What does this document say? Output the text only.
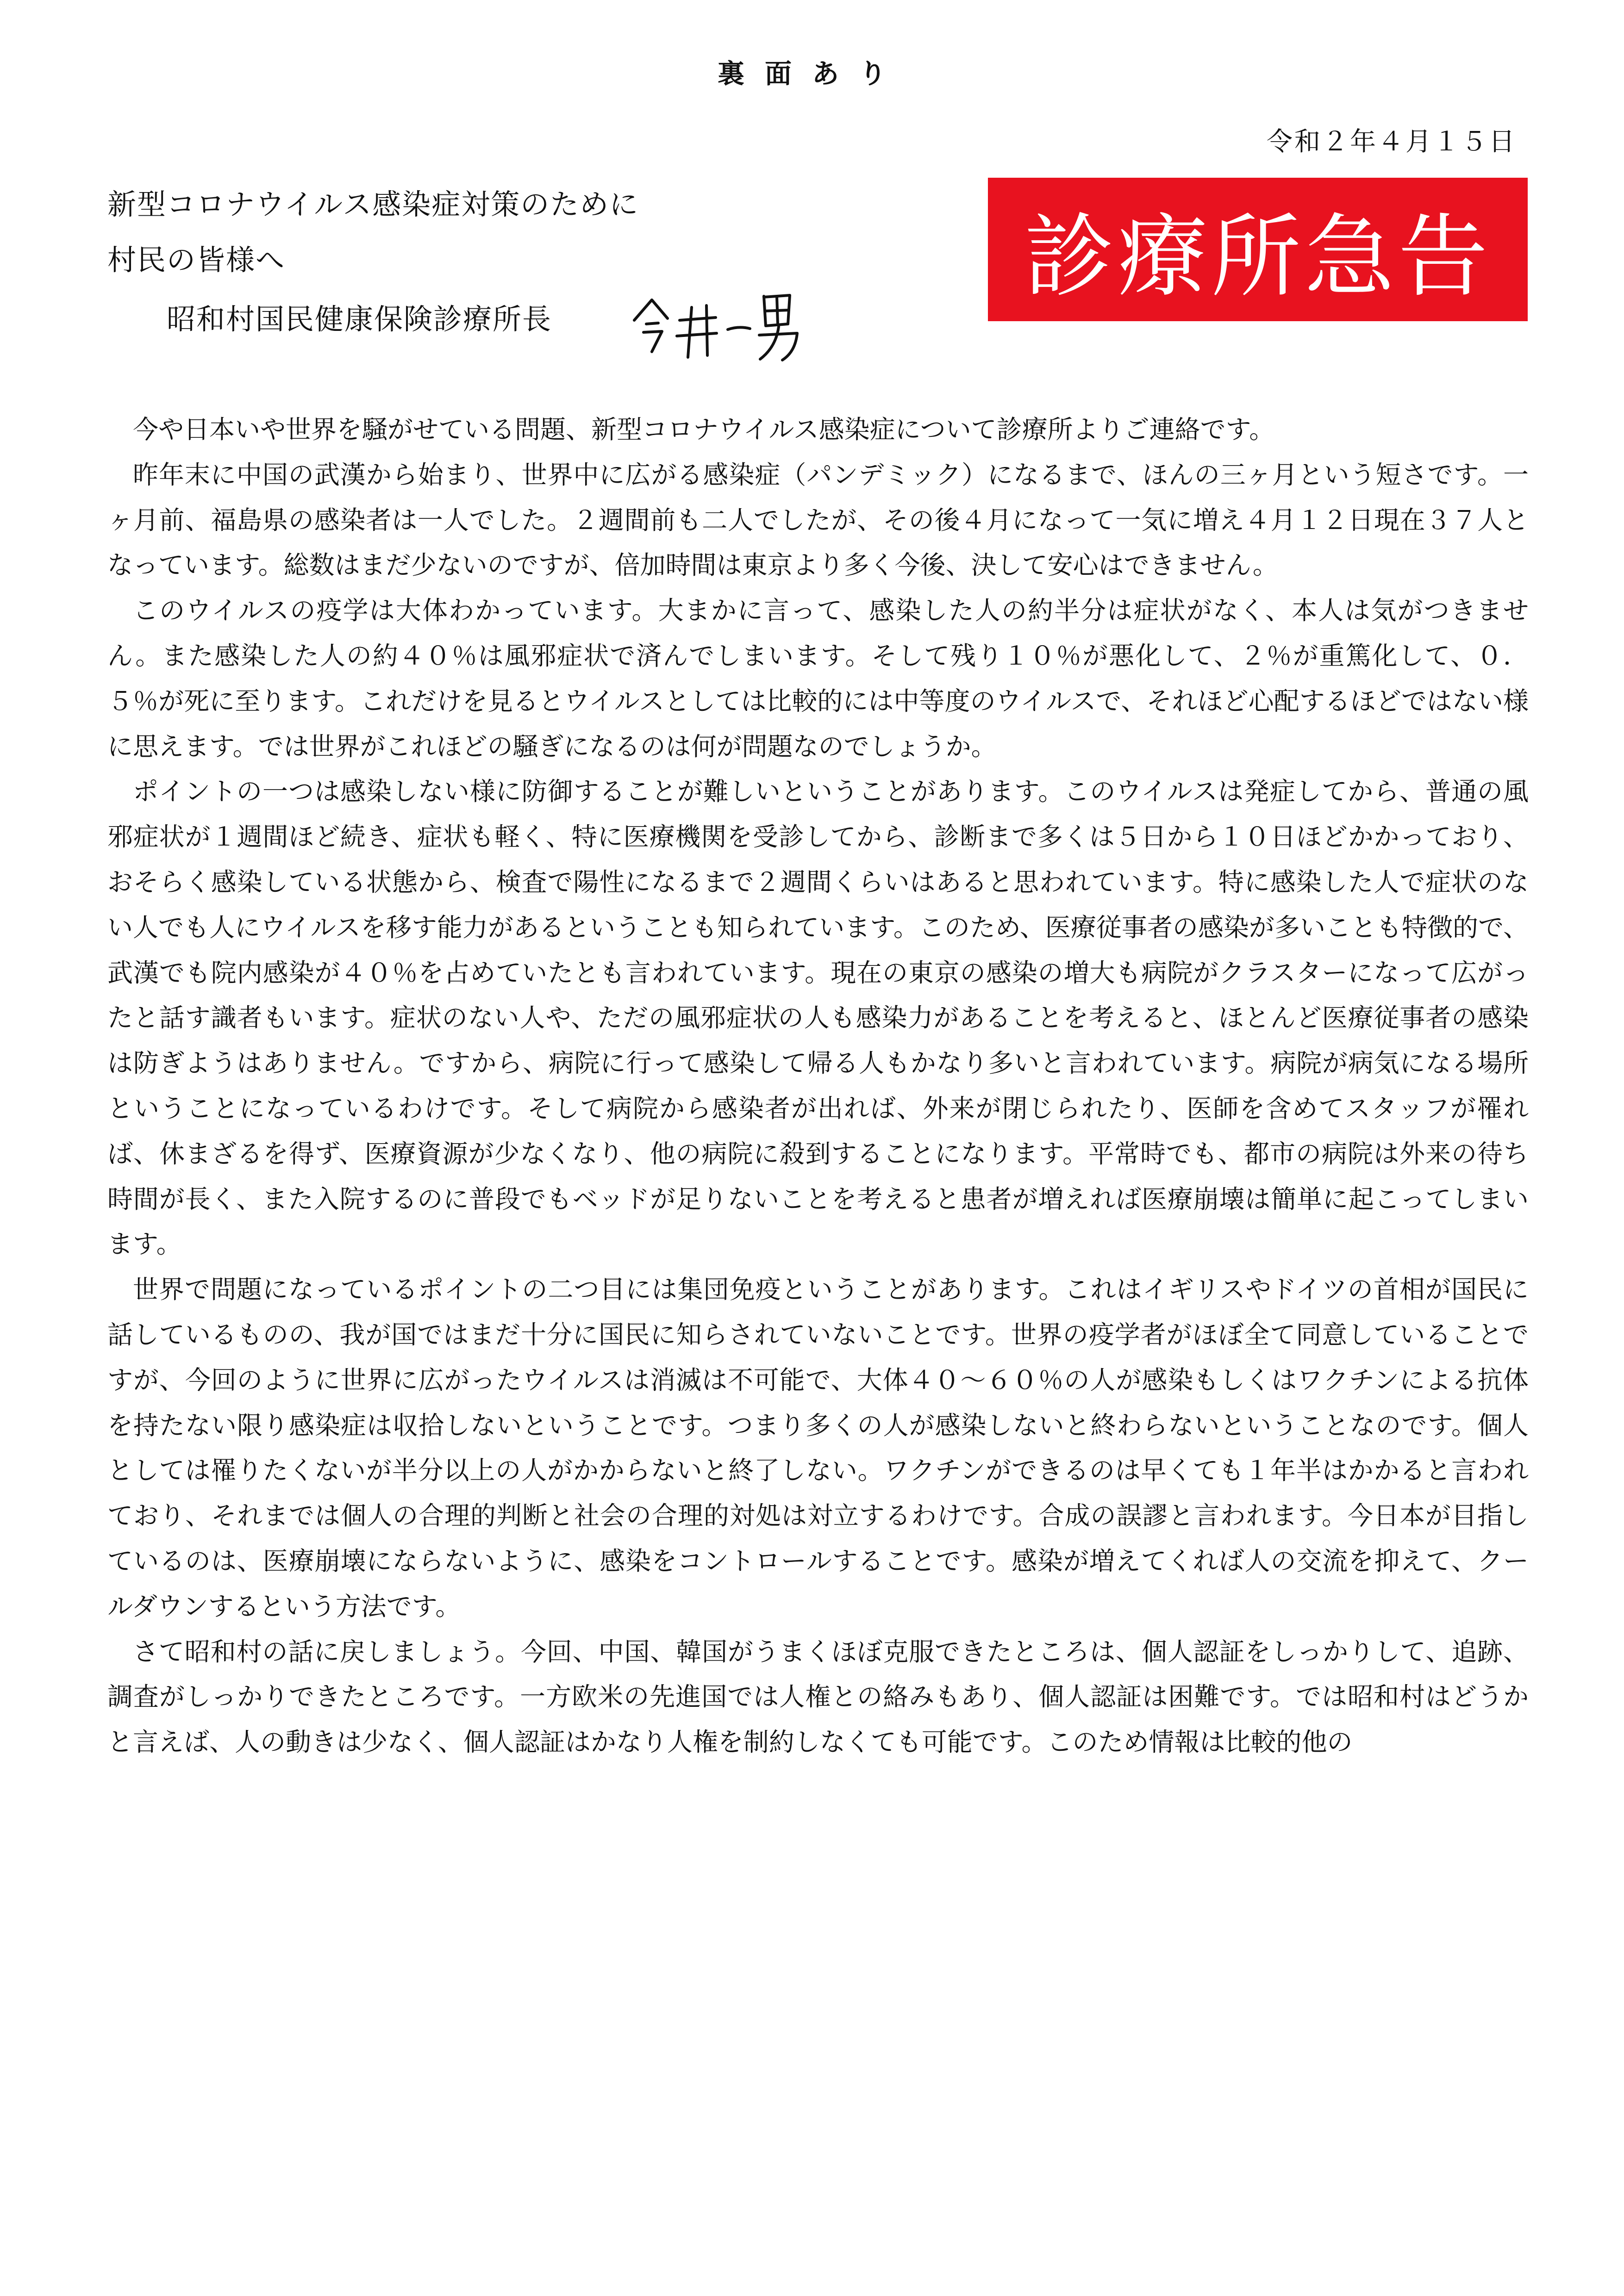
裏面あり
令和２年４月１５日
新型コロナウイルス感染症対策のために
村民の皆様へ
昭和村国民健康保険診療所長
診療所急告

今や日本いや世界を騒がせている問題、新型コロナウイルス感染症について診療所よりご連絡です。

昨年末に中国の武漢から始まり、世界中に広がる感染症（パンデミック）になるまで、ほんの三ヶ月という短さです。一ヶ月前、福島県の感染者は一人でした。２週間前も二人でしたが、その後４月になって一気に増え４月１２日現在３７人となっています。総数はまだ少ないのですが、倍加時間は東京より多く今後、決して安心はできません。

このウイルスの疫学は大体わかっています。大まかに言って、感染した人の約半分は症状がなく、本人は気がつきません。また感染した人の約４０％は風邪症状で済んでしまいます。そして残り１０％が悪化して、２％が重篤化して、０．５％が死に至ります。これだけを見るとウイルスとしては比較的には中等度のウイルスで、それほど心配するほどではない様に思えます。では世界がこれほどの騒ぎになるのは何が問題なのでしょうか。

ポイントの一つは感染しない様に防御することが難しいということがあります。このウイルスは発症してから、普通の風邪症状が１週間ほど続き、症状も軽く、特に医療機関を受診してから、診断まで多くは５日から１０日ほどかかっており、おそらく感染している状態から、検査で陽性になるまで２週間くらいはあると思われています。特に感染した人で症状のない人でも人にウイルスを移す能力があるということも知られています。このため、医療従事者の感染が多いことも特徴的で、武漢でも院内感染が４０％を占めていたとも言われています。現在の東京の感染の増大も病院がクラスターになって広がったと話す識者もいます。症状のない人や、ただの風邪症状の人も感染力があることを考えると、ほとんど医療従事者の感染は防ぎようはありません。ですから、病院に行って感染して帰る人もかなり多いと言われています。病院が病気になる場所ということになっているわけです。そして病院から感染者が出れば、外来が閉じられたり、医師を含めてスタッフが罹れば、休まざるを得ず、医療資源が少なくなり、他の病院に殺到することになります。平常時でも、都市の病院は外来の待ち時間が長く、また入院するのに普段でもベッドが足りないことを考えると患者が増えれば医療崩壊は簡単に起こってしまいます。

世界で問題になっているポイントの二つ目には集団免疫ということがあります。これはイギリスやドイツの首相が国民に話しているものの、我が国ではまだ十分に国民に知らされていないことです。世界の疫学者がほぼ全て同意していることですが、今回のように世界に広がったウイルスは消滅は不可能で、大体４０～６０％の人が感染もしくはワクチンによる抗体を持たない限り感染症は収拾しないということです。つまり多くの人が感染しないと終わらないということなのです。個人としては罹りたくないが半分以上の人がかからないと終了しない。ワクチンができるのは早くても１年半はかかると言われており、それまでは個人の合理的判断と社会の合理的対処は対立するわけです。合成の誤謬と言われます。今日本が目指しているのは、医療崩壊にならないように、感染をコントロールすることです。感染が増えてくれば人の交流を抑えて、クールダウンするという方法です。

さて昭和村の話に戻しましょう。今回、中国、韓国がうまくほぼ克服できたところは、個人認証をしっかりして、追跡、調査がしっかりできたところです。一方欧米の先進国では人権との絡みもあり、個人認証は困難です。では昭和村はどうかと言えば、人の動きは少なく、個人認証はかなり人権を制約しなくても可能です。このため情報は比較的他の
